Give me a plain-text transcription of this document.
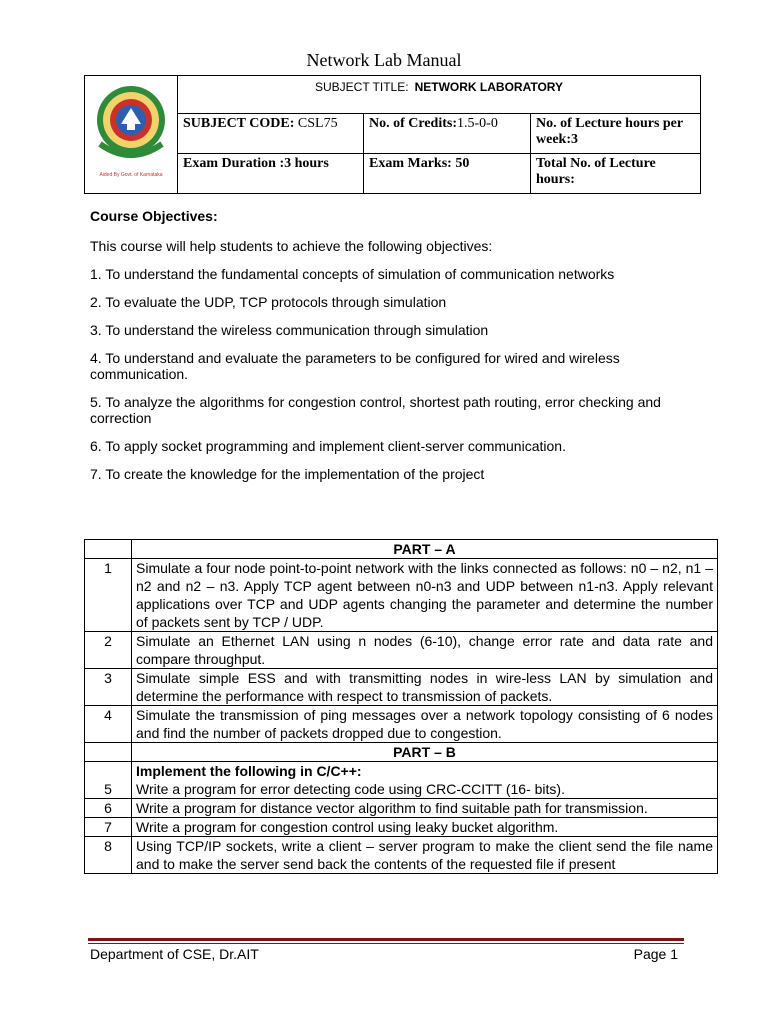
Network Lab Manual
Aided By Govt. of Karnataka	SUBJECT TITLE: NETWORK LABORATORY		
	SUBJECT CODE: CSL75	No. of Credits:1.5-0-0	No. of Lecture hours per week:3
	Exam Duration :3 hours	Exam Marks: 50	Total No. of Lecture hours:
Course Objectives:
This course will help students to achieve the following objectives:
1. To understand the fundamental concepts of simulation of communication networks
2. To evaluate the UDP, TCP protocols through simulation
3. To understand the wireless communication through simulation
4. To understand and evaluate the parameters to be configured for wired and wireless communication.
5. To analyze the algorithms for congestion control, shortest path routing, error checking and correction
6. To apply socket programming and implement client-server communication.
7. To create the knowledge for the implementation of the project
	PART – A
1	Simulate a four node point-to-point network with the links connected as follows: n0 – n2, n1 – n2 and n2 – n3. Apply TCP agent between n0-n3 and UDP between n1-n3. Apply relevant applications over TCP and UDP agents changing the parameter and determine the number of packets sent by TCP / UDP.
2	Simulate an Ethernet LAN using n nodes (6-10), change error rate and data rate and compare throughput.
3	Simulate simple ESS and with transmitting nodes in wire-less LAN by simulation and determine the performance with respect to transmission of packets.
4	Simulate the transmission of ping messages over a network topology consisting of 6 nodes and find the number of packets dropped due to congestion.
	PART – B

5	Implement the following in C/C++:
Write a program for error detecting code using CRC-CCITT (16- bits).

6	Write a program for distance vector algorithm to find suitable path for transmission.
7	Write a program for congestion control using leaky bucket algorithm.
8	Using TCP/IP sockets, write a client – server program to make the client send the file name and to make the server send back the contents of the requested file if present
Department of CSE, Dr.AIT	Page 1
